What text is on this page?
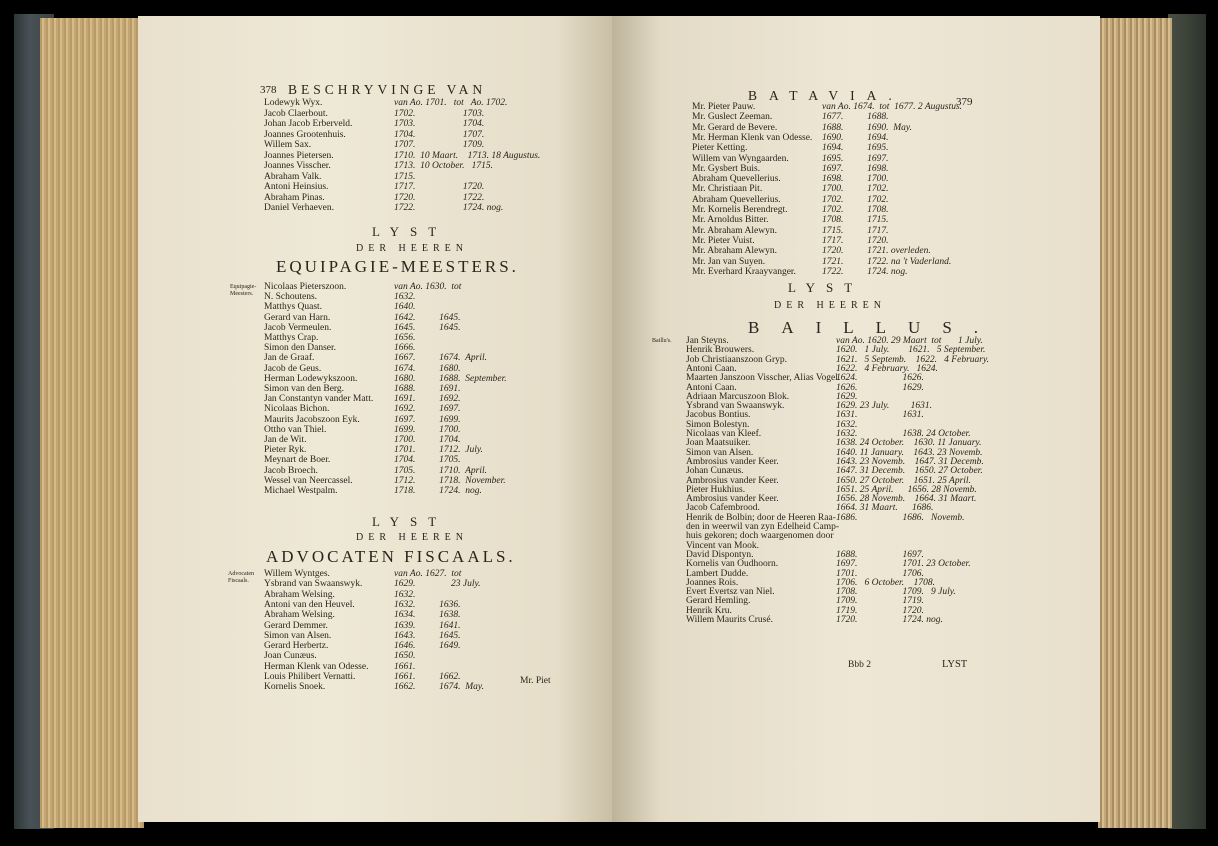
378 BESCHRYVINGE VAN
Lodewyk Wyx.	van Ao. 1701.   tot   Ao. 1702.
Jacob Claerbout.	1702.                    1703.
Johan Jacob Erberveld.	1703.                    1704.
Joannes Grootenhuis.	1704.                    1707.
Willem Sax.	1707.                    1709.
Joannes Pietersen.	1710.  10 Maart.    1713. 18 Augustus.
Joannes Visscher.	1713.  10 October.   1715.
Abraham Valk.	1715.
Antoni Heinsius.	1717.                    1720.
Abraham Pinas.	1720.                    1722.
Daniel Verhaeven.	1722.                    1724. nog.
LYST
DER HEEREN
EQUIPAGIE-MEESTERS.
Equipagie-Meesters.
Nicolaas Pieterszoon.	van Ao. 1630.  tot
N. Schoutens.	1632.
Matthys Quast.	1640.
Gerard van Harn.	1642.          1645.
Jacob Vermeulen.	1645.          1645.
Matthys Crap.	1656.
Simon den Danser.	1666.
Jan de Graaf.	1667.          1674.  April.
Jacob de Geus.	1674.          1680.
Herman Lodewykszoon.	1680.          1688.  September.
Simon van den Berg.	1688.          1691.
Jan Constantyn vander Matt. 1691.          1692.
Nicolaas Bichon.	1692.          1697.
Maurits Jacobszoon Eyk.	1697.          1699.
Ottho van Thiel.	1699.          1700.
Jan de Wit.	1700.          1704.
Pieter Ryk.	1701.          1712.  July.
Meynart de Boer.	1704.          1705.
Jacob Broech.	1705.          1710.  April.
Wessel van Neercassel.	1712.          1718.  November.
Michael Westpalm.	1718.          1724.  nog.
LYST
DER HEEREN
ADVOCATEN FISCAALS.
Advocaten Fiscaals.
Willem Wyntges.	van Ao. 1627.  tot
Ysbrand van Swaanswyk.	1629.               23 July.
Abraham Welsing.	1632.
Antoni van den Heuvel.	1632.          1636.
Abraham Welsing.	1634.          1638.
Gerard Demmer.	1639.          1641.
Simon van Alsen.	1643.          1645.
Gerard Herbertz.	1646.          1649.
Joan Cunæus.	1650.
Herman Klenk van Odesse.	1661.
Louis Philibert Vernatti.	1661.          1662.
Kornelis Snoek.	1662.          1674.  May.
Mr. Piet
BATAVIA.	379
Mr. Pieter Pauw.	van Ao. 1674.  tot  1677. 2 Augustus.
Mr. Guslect Zeeman.	1677.          1688.
Mr. Gerard de Bevere.	1688.          1690.  May.
Mr. Herman Klenk van Odesse. 1690.          1694.
Pieter Ketting.	1694.          1695.
Willem van Wyngaarden.	1695.          1697.
Mr. Gysbert Buis.	1697.          1698.
Abraham Quevellerius.	1698.          1700.
Mr. Christiaan Pit.	1700.          1702.
Abraham Quevellerius.	1702.          1702.
Mr. Kornelis Berendregt.	1702.          1708.
Mr. Arnoldus Bitter.	1708.          1715.
Mr. Abraham Alewyn.	1715.          1717.
Mr. Pieter Vuist.	1717.          1720.
Mr. Abraham Alewyn.	1720.          1721. overleden.
Mr. Jan van Suyen.	1721.          1722. na 't Vaderland.
Mr. Everhard Kraayvanger.	1722.          1724. nog.
LYST
DER HEEREN
BAILLUS.
Baillu's. Jan Steyns.	van Ao. 1620. 29 Maart  tot       1 July.
Henrik Brouwers.	1620.   1 July.        1621.   5 September.
Job Christiaanszoon Gryp.	1621.   5 Septemb.    1622.   4 February.
Antoni Caan.	1622.   4 February.   1624.
Maarten Janszoon Visscher, Alias Vogel.
1624.                   1626.
Antoni Caan.	1626.                   1629.
Adriaan Marcuszoon Blok.	1629.
Ysbrand van Swaanswyk.	1629. 23 July.         1631.
Jacobus Bontius.	1631.                   1631.
Simon Bolestyn.	1632.
Nicolaas van Kleef.	1632.                   1638. 24 October.
Joan Maatsuiker.	1638. 24 October.    1630. 11 January.
Simon van Alsen.	1640. 11 January.    1643. 23 Novemb.
Ambrosius vander Keer.	1643. 23 Novemb.    1647. 31 Decemb.
Johan Cunæus.	1647. 31 Decemb.    1650. 27 October.
Ambrosius vander Keer.	1650. 27 October.    1651. 25 April.
Pieter Hukhius.	1651. 25 April.      1656. 28 Novemb.
Ambrosius vander Keer.	1656. 28 Novemb.    1664. 31 Maart.
Jacob Cafembrood.	1664. 31 Maart.      1686.
Henrik de Bolbin; door de Heeren Raa- 1686.                   1686.   Novemb.
den in weerwil van zyn Edelheid Camp-
huis gekoren; doch waargenomen door
Vincent van Mook.
David Dispontyn.	1688.                   1697.
Kornelis van Oudhoorn.	1697.                   1701. 23 October.
Lambert Dudde.	1701.                   1706.
Joannes Rois.	1706.   6 October.    1708.
Evert Evertsz van Niel.	1708.                   1709.   9 July.
Gerard Hemling.	1709.                   1719.
Henrik Kru.	1719.                   1720.
Willem Maurits Crusé.	1720.                   1724. nog.
Bbb 2	LYST
